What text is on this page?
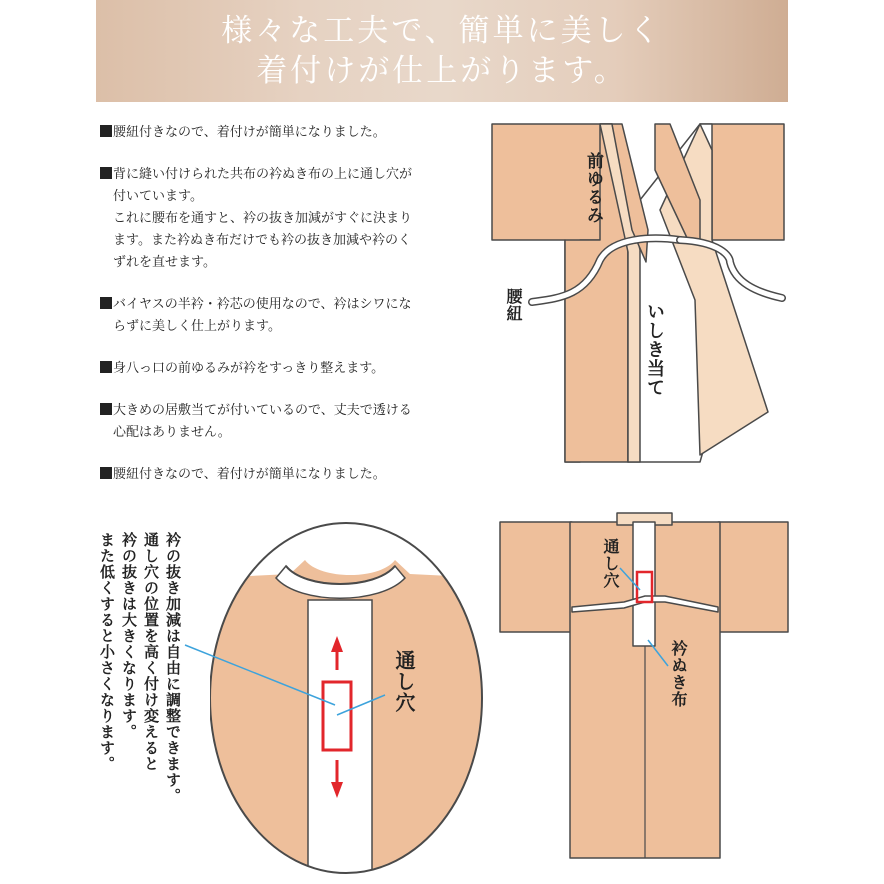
様々な工夫で、簡単に美しく
着付けが仕上がります。
腰紐付きなので、着付けが簡単になりました。
背に縫い付けられた共布の衿ぬき布の上に通し穴が
付いています。
これに腰布を通すと、衿の抜き加減がすぐに決まり
ます。また衿ぬき布だけでも衿の抜き加減や衿のく
ずれを直せます。
バイヤスの半衿・衿芯の使用なので、衿はシワにな
らずに美しく仕上がります。
身八っ口の前ゆるみが衿をすっきり整えます。
大きめの居敷当てが付いているので、丈夫で透ける
心配はありません。
腰紐付きなので、着付けが簡単になりました。
前ゆるみ
腰紐	いしき当て
通し穴
衿の抜き加減は自由に調整できます。
通し穴の位置を高く付け変えると
衿の抜きは大きくなります。
また低くすると小さくなります。	通し穴
衿ぬき布
